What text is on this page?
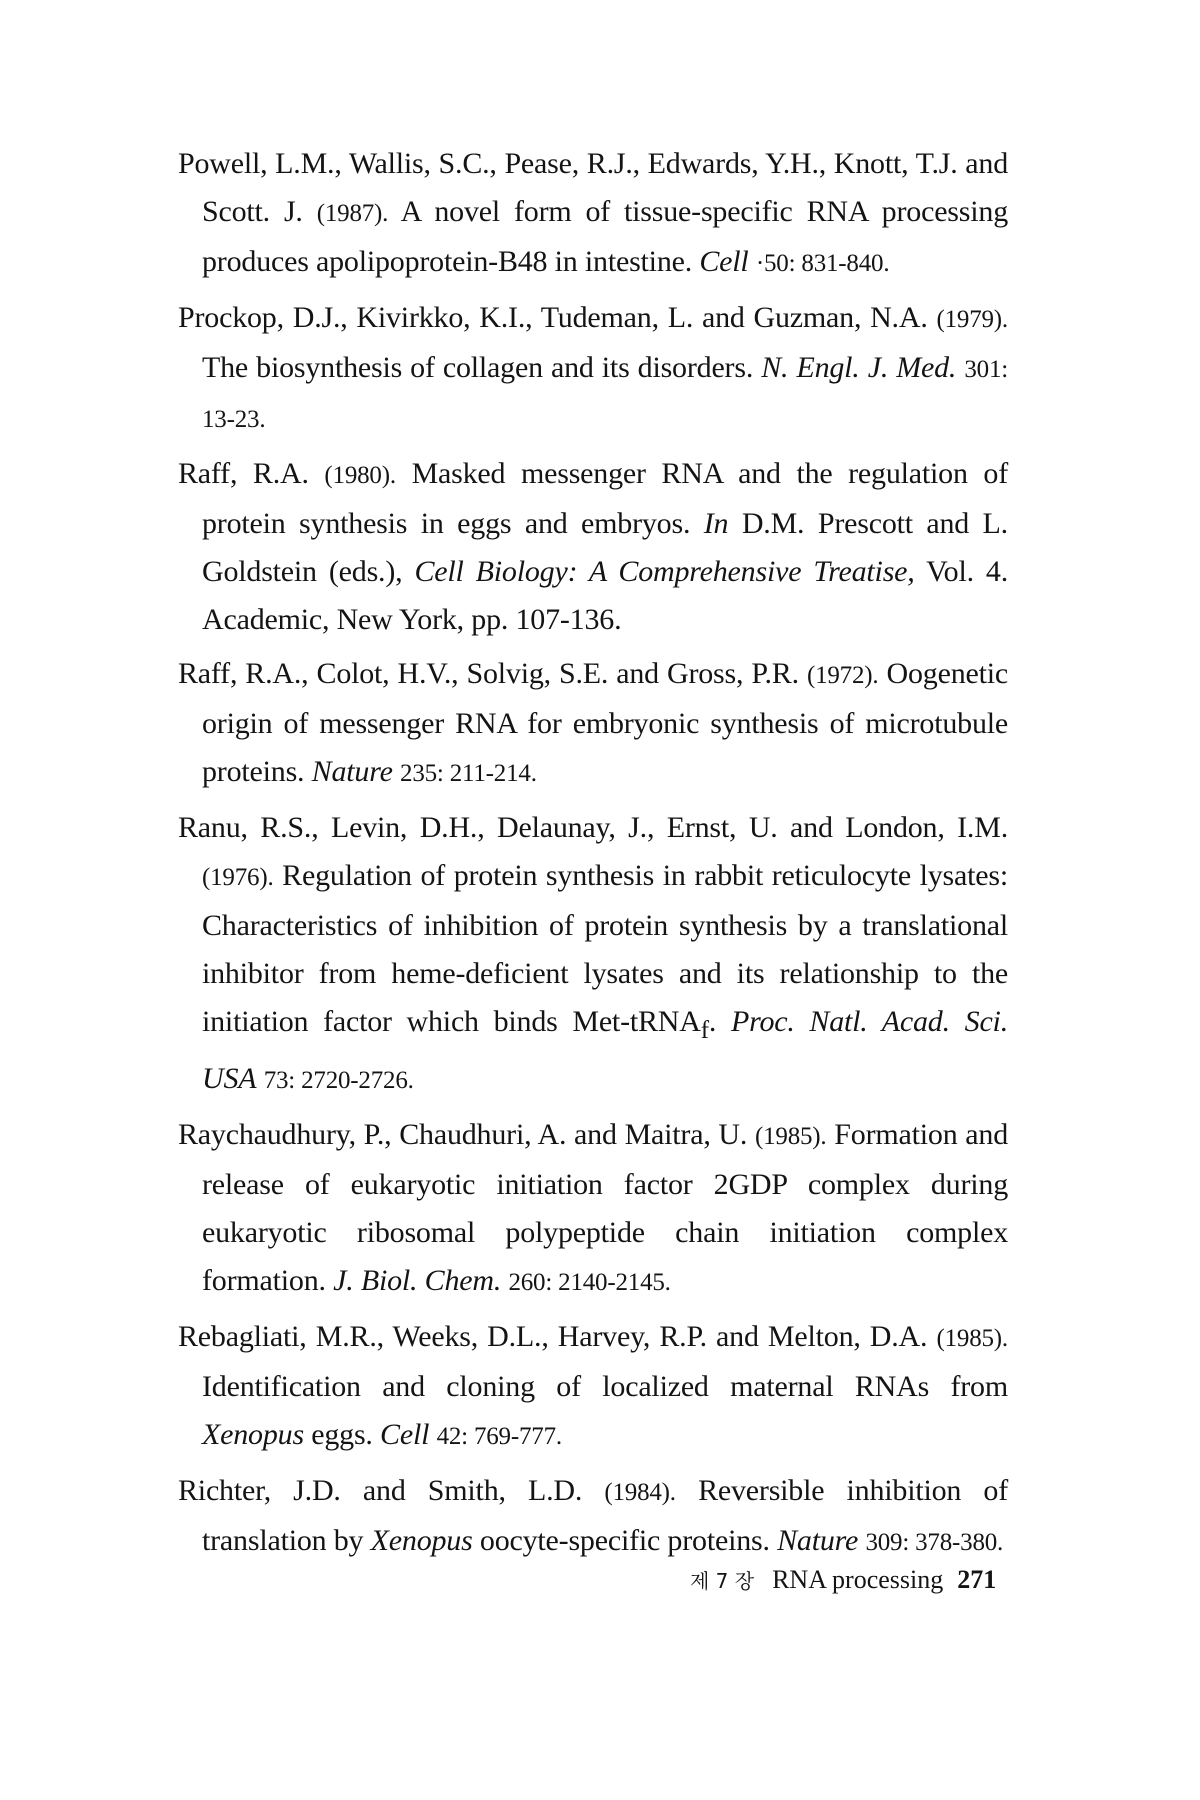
Powell, L.M., Wallis, S.C., Pease, R.J., Edwards, Y.H., Knott, T.J. and Scott. J. (1987). A novel form of tissue-specific RNA processing produces apolipoprotein-B48 in intestine. Cell ·50: 831-840.
Prockop, D.J., Kivirkko, K.I., Tudeman, L. and Guzman, N.A. (1979). The biosynthesis of collagen and its disorders. N. Engl. J. Med. 301: 13-23.
Raff, R.A. (1980). Masked messenger RNA and the regulation of protein synthesis in eggs and embryos. In D.M. Prescott and L. Goldstein (eds.), Cell Biology: A Comprehensive Treatise, Vol. 4. Academic, New York, pp. 107-136.
Raff, R.A., Colot, H.V., Solvig, S.E. and Gross, P.R. (1972). Oogenetic origin of messenger RNA for embryonic synthesis of microtubule proteins. Nature 235: 211-214.
Ranu, R.S., Levin, D.H., Delaunay, J., Ernst, U. and London, I.M. (1976). Regulation of protein synthesis in rabbit reticulocyte lysates: Characteristics of inhibition of protein synthesis by a translational inhibitor from heme-deficient lysates and its relationship to the initiation factor which binds Met-tRNA$_f$. Proc. Natl. Acad. Sci. USA 73: 2720-2726.
Raychaudhury, P., Chaudhuri, A. and Maitra, U. (1985). Formation and release of eukaryotic initiation factor 2GDP complex during eukaryotic ribosomal polypeptide chain initiation complex formation. J. Biol. Chem. 260: 2140-2145.
Rebagliati, M.R., Weeks, D.L., Harvey, R.P. and Melton, D.A. (1985). Identification and cloning of localized maternal RNAs from Xenopus eggs. Cell 42: 769-777.
Richter, J.D. and Smith, L.D. (1984). Reversible inhibition of translation by Xenopus oocyte-specific proteins. Nature 309: 378-380.
제 7 장 RNA processing 271
